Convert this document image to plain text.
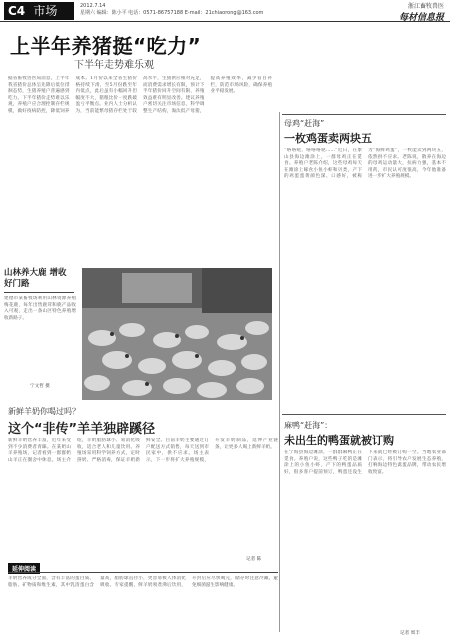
C4 市场	2012.7.14
星期六 编辑：陈小平 电话：0571-86757188 E-mail：21chiaorong@163.com
浙江畜牧兽医
每材信息报
上半年养猪挺“吃力”
下半年走势难乐观
据省畜牧兽医局消息，上半年我省猪价总体呈先降后低位徘徊态势，生猪养殖户普遍感到吃力。下半年猪价走势难以乐观，养殖户应合理控制存栏规模，做好疫病防控，降低饲养成本。1月份以来全省生猪价格持续下滑，至5月份跌至年内低点，此后虽有小幅回升但幅度不大，猪粮比价一度跌破盈亏平衡点。业内人士分析认为，当前能繁母猪存栏处于较高水平，生猪供应相对充足，而消费需求增长有限，预计下半年猪价回升空间有限，养殖效益难有明显改善。建议养殖户密切关注市场信息，科学调整生产结构，淘汰低产母猪，提高养殖效率，减少盲目补栏，防范市场风险，确保养殖业平稳发展。
山林养大鹿 增收好门路
建德市某畜牧场利用山林资源养殖梅花鹿，每年出售鹿茸和鹿产品收入可观，走出一条山区特色养殖增收新路子。
宁文哲 摄
新鲜羊奶你喝过吗？
这个“非传”羊羊独辟蹊径
新鲜羊奶营养丰富，近年来受到不少消费者青睐。在某奶山羊养殖场，记者看到一群群奶山羊正在圈舍中休息。场主介绍，羊奶脂肪球小、易消化吸收，适合老人和儿童饮用。养殖场采用科学饲养方式，定时挤奶、严格消毒，保证羊奶新鲜安全。目前羊奶主要通过订户配送方式销售，每天送到市民家中，供不应求。场主表示，下一步将扩大养殖规模，开发羊奶制品，延伸产业链条，让更多人喝上新鲜羊奶。
记者 陈
延伸阅读
羊奶营养成分全面，含有丰富的蛋白质、脂肪、矿物质和维生素，其中乳清蛋白含量高，脂肪球直径小，更容易被人体消化吸收。专家提醒，鲜羊奶须煮沸后饮用，开封后应尽快喝完，储存时注意冷藏，避免细菌滋生影响健康。
母鸡“赶海”
一枚鸡蛋卖两块五
“咯咯哒，咯咯咯哒……”近日，在象山县海边滩涂上，一群母鸡正在觅食。养殖户老陈介绍，这些母鸡每天在滩涂上啄食小鱼小虾和贝类，产下的鸡蛋蛋黄颜色深、口感好，被称为“海鲜鸡蛋”，一枚能卖到两块五，依然供不应求。老陈说，散养在海边的母鸡运动量大，抗病力强，基本不用药，市民认可度很高，今年他准备进一步扩大养殖规模。
麻鸭“赶海”：
未出生的鸭蛋就被订购
在宁海县海边滩涂，一群群麻鸭正在觅食。养殖户说，这些鸭子吃的是滩涂上的小鱼小虾，产下的鸭蛋品质好，很多客户提前预订，鸭蛋还没生下来就已经被订购一空。当地农业部门表示，将引导农户发展生态养殖，打响海边特色禽蛋品牌，带动农民增收致富。
记者 周丰
